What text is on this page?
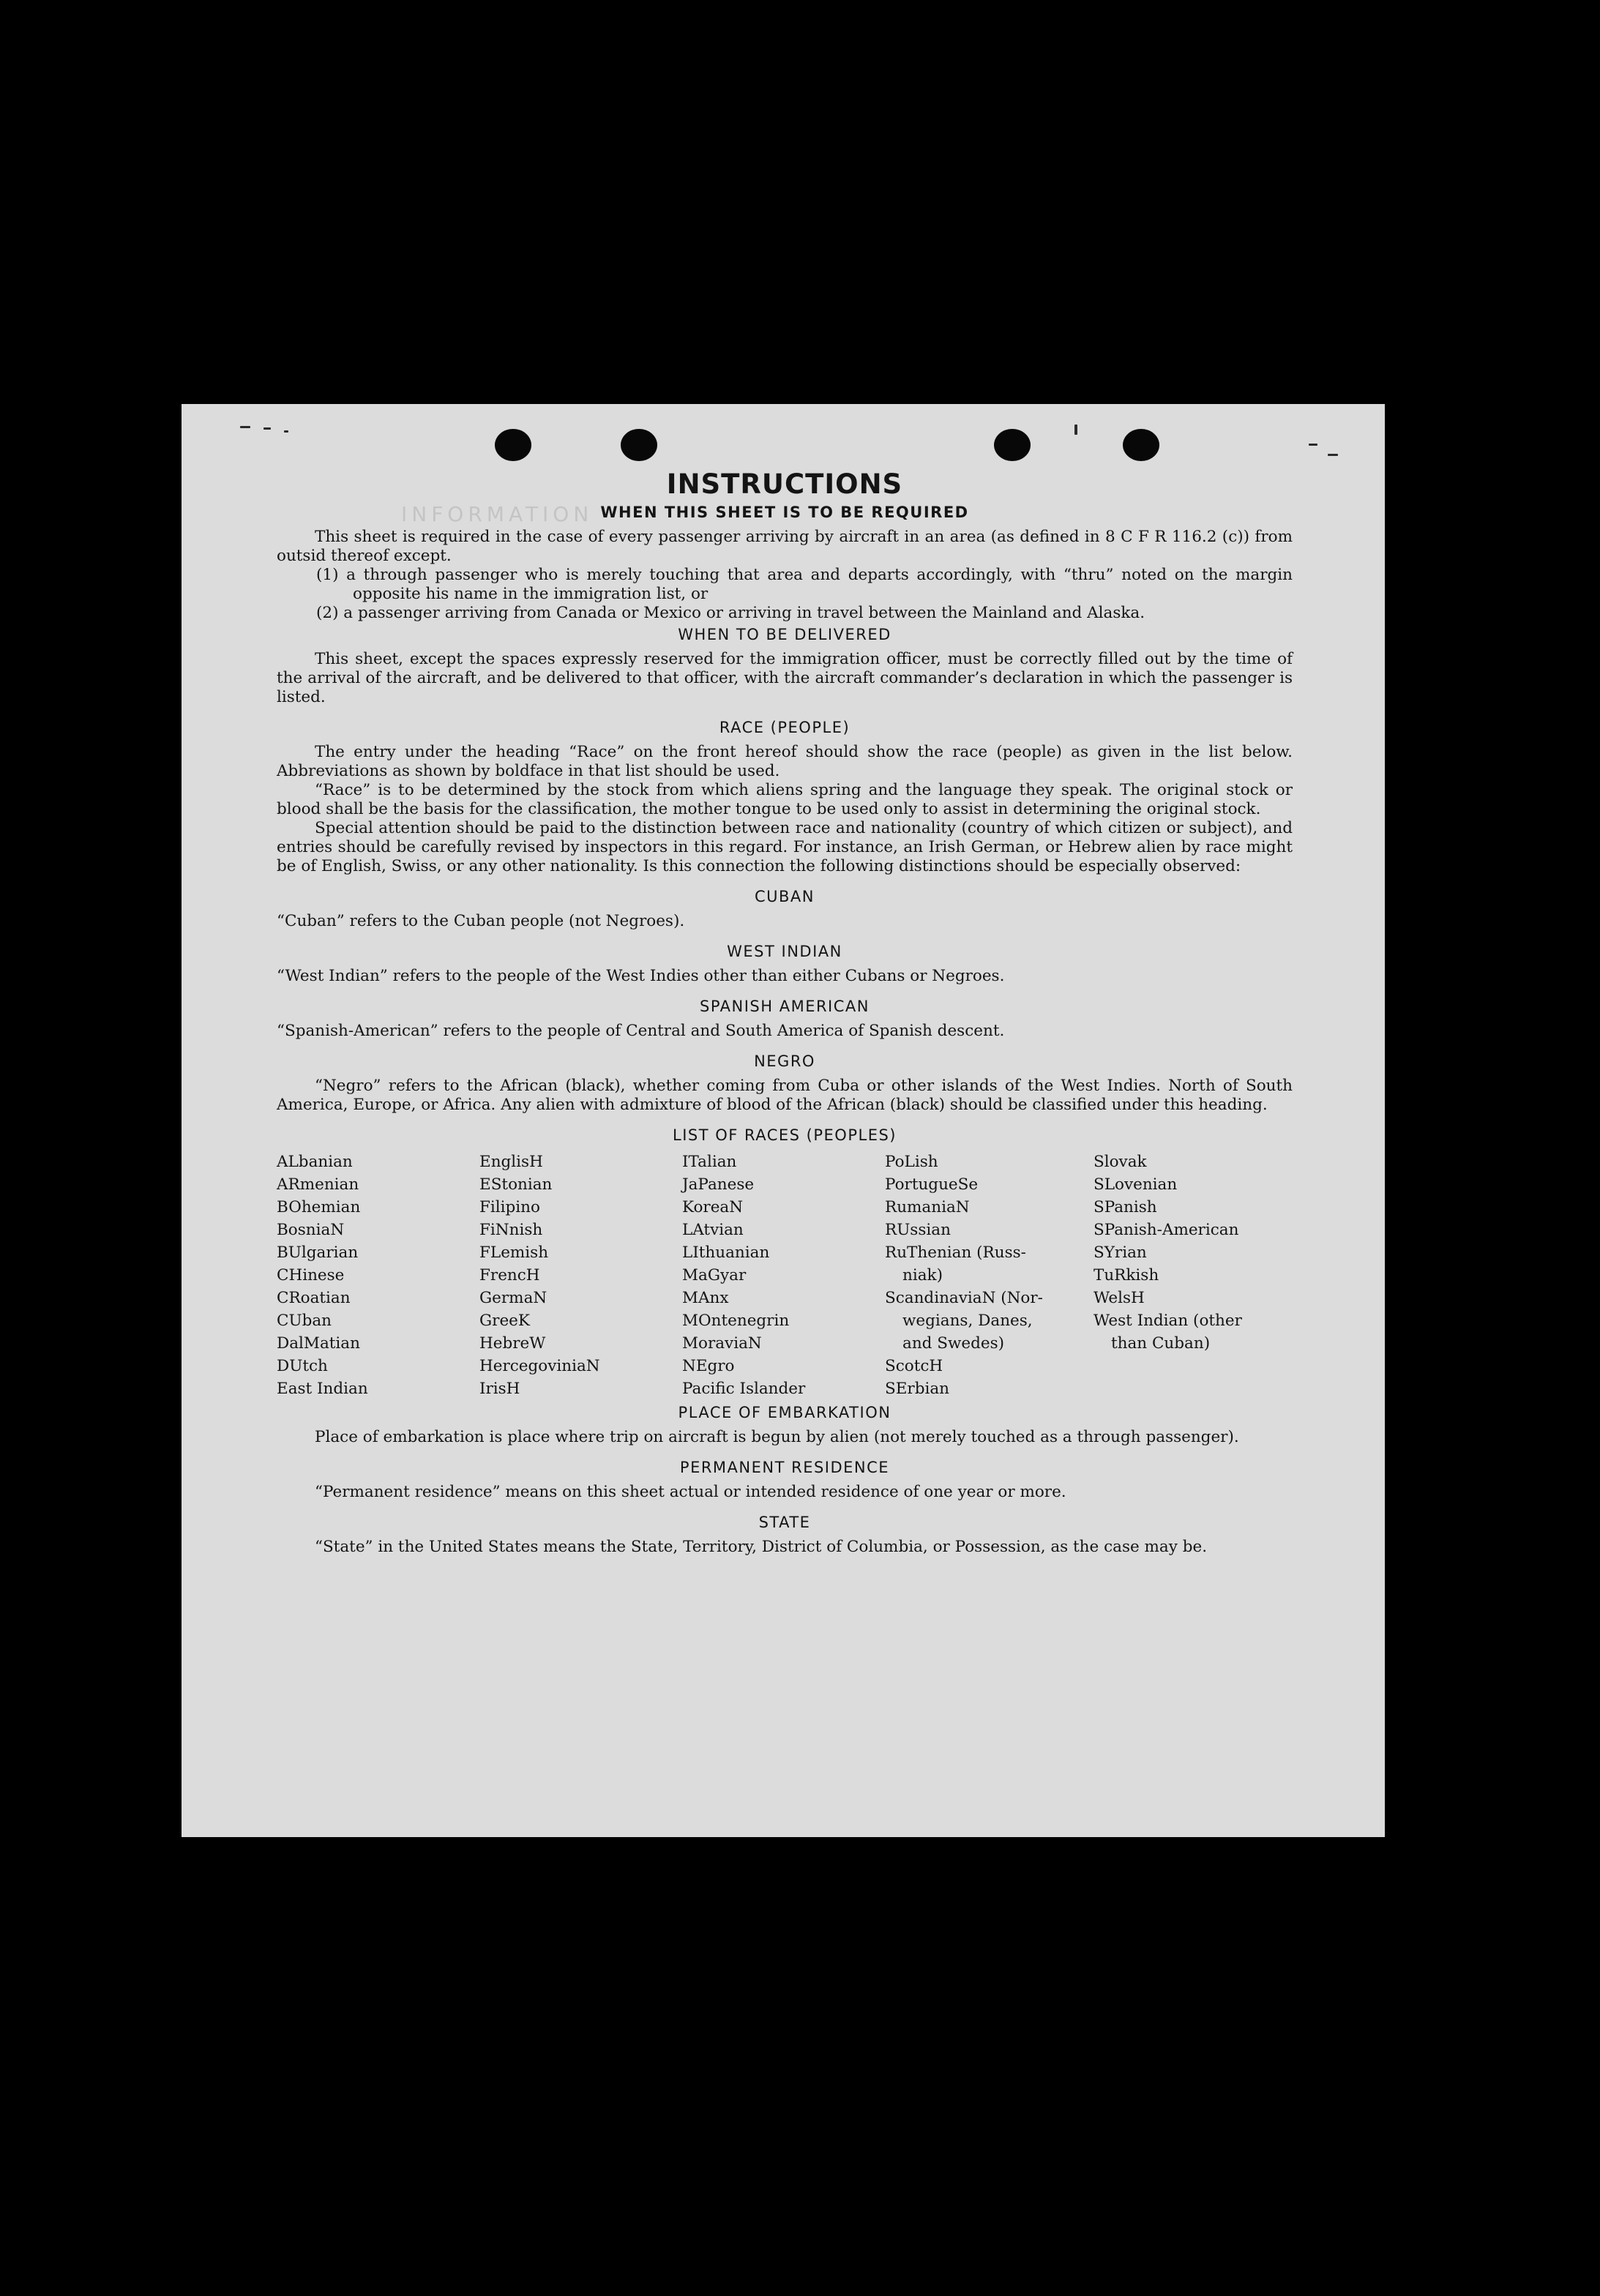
INFORMATION
INSTRUCTIONS
WHEN THIS SHEET IS TO BE REQUIRED

This sheet is required in the case of every passenger arriving by aircraft in an area (as defined in 8 C F R 116.2 (c)) from outsid thereof except.

(1) a through passenger who is merely touching that area and departs accordingly, with “thru” noted on the margin opposite his name in the immigration list, or
(2) a passenger arriving from Canada or Mexico or arriving in travel between the Mainland and Alaska.
WHEN TO BE DELIVERED

This sheet, except the spaces expressly reserved for the immigration officer, must be correctly filled out by the time of the arrival of the aircraft, and be delivered to that officer, with the aircraft commander’s declaration in which the passenger is listed.

RACE (PEOPLE)

The entry under the heading “Race” on the front hereof should show the race (people) as given in the list below. Abbreviations as shown by boldface in that list should be used.

“Race” is to be determined by the stock from which aliens spring and the language they speak. The original stock or blood shall be the basis for the classification, the mother tongue to be used only to assist in determining the original stock.

Special attention should be paid to the distinction between race and nationality (country of which citizen or subject), and entries should be carefully revised by inspectors in this regard. For instance, an Irish German, or Hebrew alien by race might be of English, Swiss, or any other nationality. Is this connection the following distinctions should be especially observed:

CUBAN

“Cuban” refers to the Cuban people (not Negroes).

WEST INDIAN

“West Indian” refers to the people of the West Indies other than either Cubans or Negroes.

SPANISH AMERICAN

“Spanish-American” refers to the people of Central and South America of Spanish descent.

NEGRO

“Negro” refers to the African (black), whether coming from Cuba or other islands of the West Indies. North of South America, Europe, or Africa. Any alien with admixture of blood of the African (black) should be classified under this heading.

LIST OF RACES (PEOPLES)
ALbanian
ARmenian
BOhemian
BosniaN
BUlgarian
CHinese
CRoatian
CUban
DalMatian
DUtch
East Indian
EnglisH
EStonian
Filipino
FiNnish
FLemish
FrencH
GermaN
GreeK
HebreW
HercegoviniaN
IrisH
ITalian
JaPanese
KoreaN
LAtvian
LIthuanian
MaGyar
MAnx
MOntenegrin
MoraviaN
NEgro
Pacific Islander
PoLish
PortugueSe
RumaniaN
RUssian
RuThenian (Russ-
niak)
ScandinaviaN (Nor-
wegians, Danes,
and Swedes)
ScotcH
SErbian
Slovak
SLovenian
SPanish
SPanish-American
SYrian
TuRkish
WelsH
West Indian (other
than Cuban)
PLACE OF EMBARKATION

Place of embarkation is place where trip on aircraft is begun by alien (not merely touched as a through passenger).

PERMANENT RESIDENCE

“Permanent residence” means on this sheet actual or intended residence of one year or more.

STATE

“State” in the United States means the State, Territory, District of Columbia, or Possession, as the case may be.
